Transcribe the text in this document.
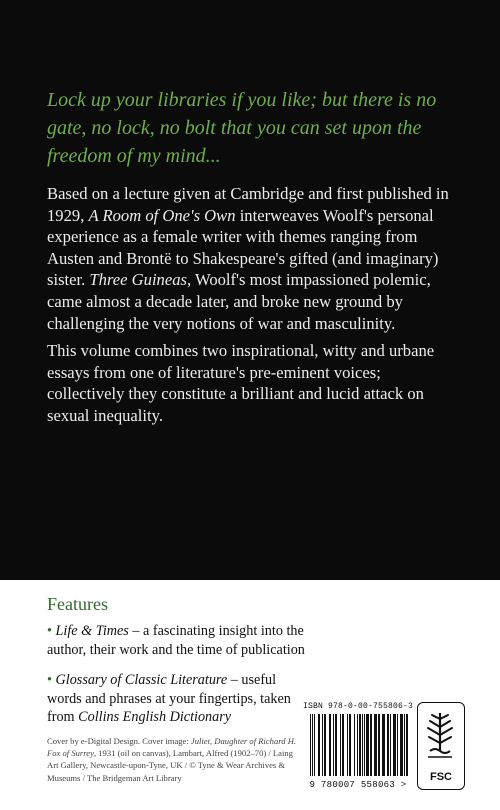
Lock up your libraries if you like; but there is no gate, no lock, no bolt that you can set upon the freedom of my mind...

Based on a lecture given at Cambridge and first published in 1929, A Room of One's Own interweaves Woolf's personal experience as a female writer with themes ranging from Austen and Brontë to Shakespeare's gifted (and imaginary) sister. Three Guineas, Woolf's most impassioned polemic, came almost a decade later, and broke new ground by challenging the very notions of war and masculinity.

This volume combines two inspirational, witty and urbane essays from one of literature's pre-eminent voices; collectively they constitute a brilliant and lucid attack on sexual inequality.

Features

• Life & Times – a fascinating insight into the author, their work and the time of publication

• Glossary of Classic Literature – useful words and phrases at your fingertips, taken from Collins English Dictionary

Cover by e-Digital Design. Cover image: Juliet, Daughter of Richard H. Fox of Surrey, 1931 (oil on canvas), Lambart, Alfred (1902–70) / Laing Art Gallery, Newcastle-upon-Tyne, UK / © Tyne & Wear Archives & Museums / The Bridgeman Art Library

ISBN 978-0-00-755806-3
9 780007 558063 >
FSC
